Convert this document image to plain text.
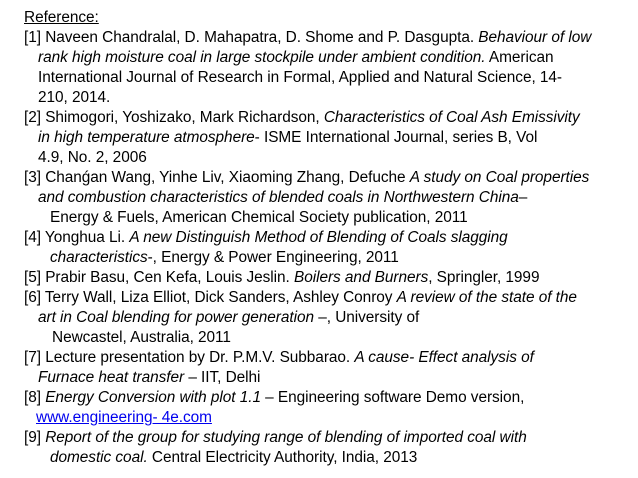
Reference:
[1] Naveen Chandralal, D. Mahapatra, D. Shome and P. Dasgupta. Behaviour of low
rank high moisture coal in large stockpile under ambient condition. American
International Journal of Research in Formal, Applied and Natural Science, 14-
210, 2014.
[2] Shimogori, Yoshizako, Mark Richardson, Characteristics of Coal Ash Emissivity
in high temperature atmosphere- ISME International Journal, series B, Vol
4.9, No. 2, 2006
[3] Chanǵan Wang, Yinhe Liv, Xiaoming Zhang, Defuche A study on Coal properties
and combustion characteristics of blended coals in Northwestern China–
Energy & Fuels, American Chemical Society publication, 2011
[4] Yonghua Li. A new Distinguish Method of Blending of Coals slagging
characteristics-, Energy & Power Engineering, 2011
[5] Prabir Basu, Cen Kefa, Louis Jeslin. Boilers and Burners, Springler, 1999
[6] Terry Wall, Liza Elliot, Dick Sanders, Ashley Conroy A review of the state of the
art in Coal blending for power generation –, University of
Newcastel, Australia, 2011
[7] Lecture presentation by Dr. P.M.V. Subbarao. A cause- Effect analysis of
Furnace heat transfer – IIT, Delhi
[8] Energy Conversion with plot 1.1 – Engineering software Demo version,
www.engineering- 4e.com
[9] Report of the group for studying range of blending of imported coal with
domestic coal. Central Electricity Authority, India, 2013
